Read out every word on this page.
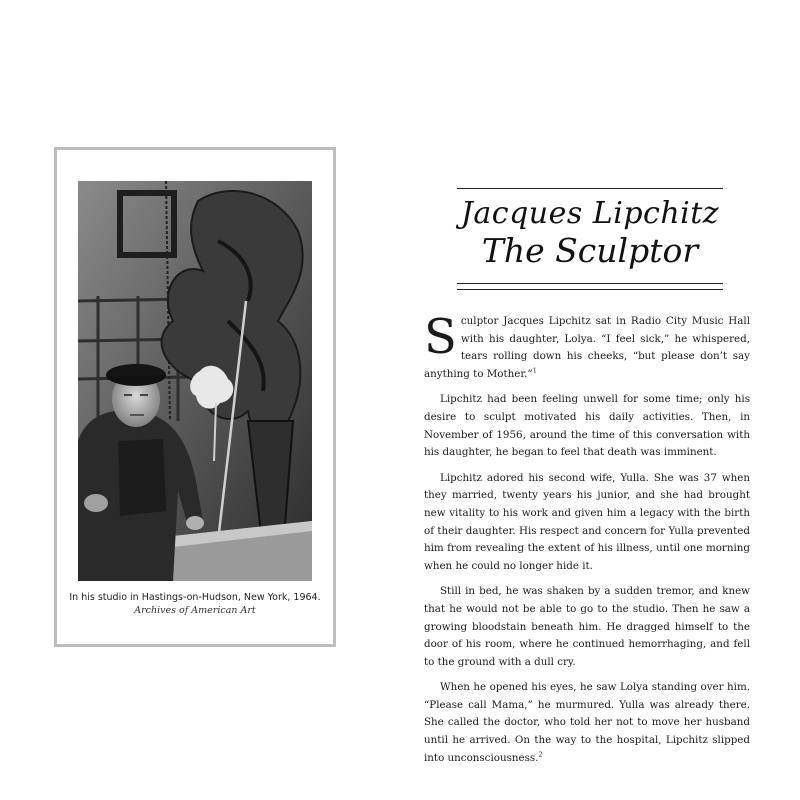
In his studio in Hastings-on-Hudson, New York, 1964.
Archives of American Art
Jacques Lipchitz
The Sculptor

Sculptor Jacques Lipchitz sat in Radio City Music Hall with his daughter, Lolya. “I feel sick,” he whispered, tears rolling down his cheeks, “but please don’t say anything to Mother.”$^1$

Lipchitz had been feeling unwell for some time; only his desire to sculpt motivated his daily activities. Then, in November of 1956, around the time of this conversation with his daughter, he began to feel that death was imminent.

Lipchitz adored his second wife, Yulla. She was 37 when they married, twenty years his junior, and she had brought new vitality to his work and given him a legacy with the birth of their daughter. His respect and concern for Yulla prevented him from revealing the extent of his illness, until one morning when he could no longer hide it.

Still in bed, he was shaken by a sudden tremor, and knew that he would not be able to go to the studio. Then he saw a growing bloodstain beneath him. He dragged himself to the door of his room, where he continued hemorrhaging, and fell to the ground with a dull cry.

When he opened his eyes, he saw Lolya standing over him. “Please call Mama,” he murmured. Yulla was already there. She called the doctor, who told her not to move her husband until he arrived. On the way to the hospital, Lipchitz slipped into unconsciousness.$^2$
